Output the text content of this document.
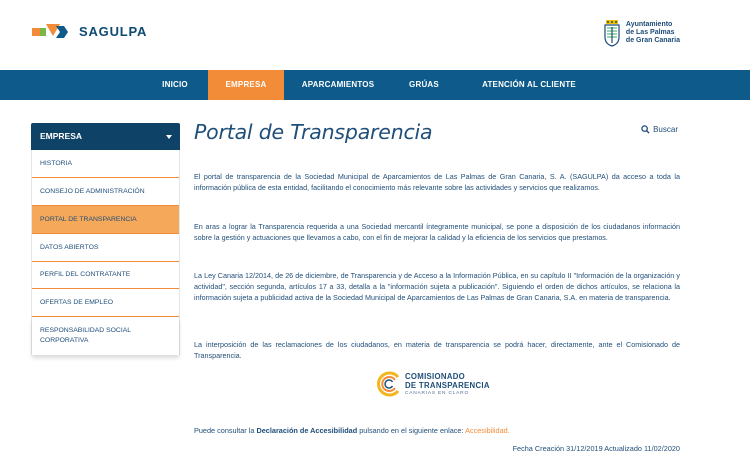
SAGULPA	Ayuntamiento
de Las Palmas
de Gran Canaria
INICIO	EMPRESA	APARCAMIENTOS	GRÚAS	ATENCIÓN AL CLIENTE
EMPRESA
HISTORIA
CONSEJO DE ADMINISTRACIÓN
PORTAL DE TRANSPARENCIA
DATOS ABIERTOS
PERFIL DEL CONTRATANTE
OFERTAS DE EMPLEO
RESPONSABILIDAD SOCIAL CORPORATIVA
Portal de Transparencia	Buscar

El portal de transparencia de la Sociedad Municipal de Aparcamientos de Las Palmas de Gran Canaria, S. A. (SAGULPA) da acceso a toda la información pública de esta entidad, facilitando el conocimiento más relevante sobre las actividades y servicios que realizamos.

En aras a lograr la Transparencia requerida a una Sociedad mercantil íntegramente municipal, se pone a disposición de los ciudadanos información sobre la gestión y actuaciones que llevamos a cabo, con el fin de mejorar la calidad y la eficiencia de los servicios que prestamos.

La Ley Canaria 12/2014, de 26 de diciembre, de Transparencia y de Acceso a la Información Pública, en su capítulo II "Información de la organización y actividad", sección segunda, artículos 17 a 33, detalla a la "información sujeta a publicación". Siguiendo el orden de dichos artículos, se relaciona la información sujeta a publicidad activa de la Sociedad Municipal de Aparcamientos de Las Palmas de Gran Canaria, S.A. en materia de transparencia.

La interposición de las reclamaciones de los ciudadanos, en materia de transparencia se podrá hacer, directamente, ante el Comisionado de Transparencia.

COMISIONADO
DE TRANSPARENCIA
CANARIAS EN CLARO
Puede consultar la Declaración de Accesibilidad pulsando en el siguiente enlace: Accesibilidad.
Fecha Creación 31/12/2019 Actualizado 11/02/2020
